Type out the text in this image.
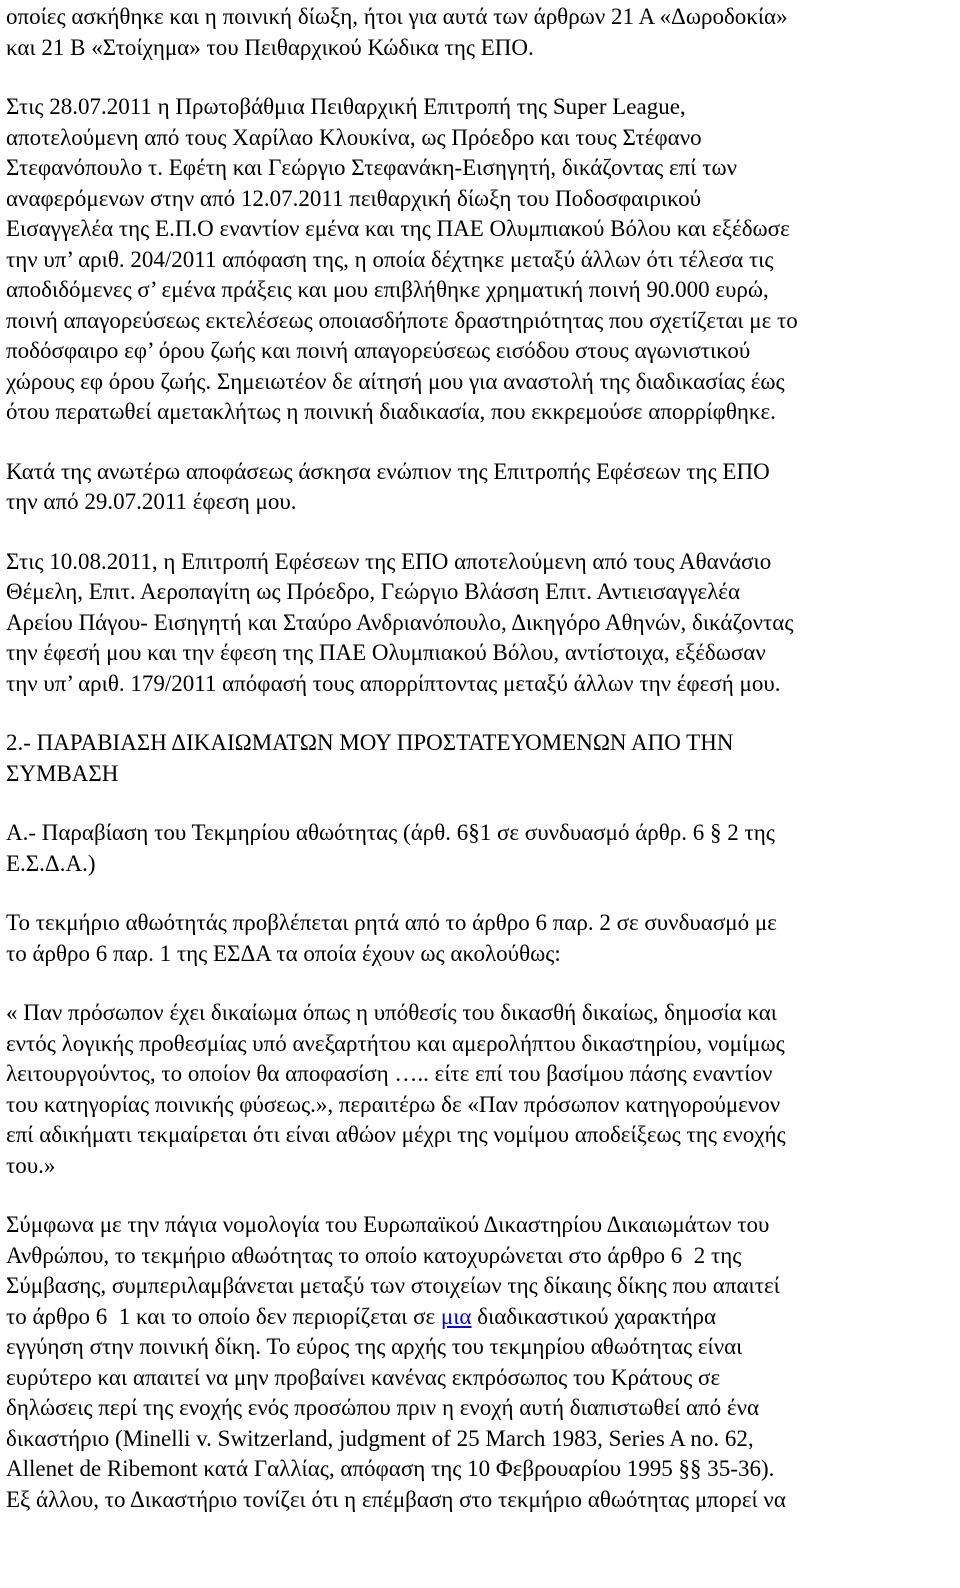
οποίες ασκήθηκε και η ποινική δίωξη, ήτοι για αυτά των άρθρων 21 Α «Δωροδοκία»
και 21 Β «Στοίχημα» του Πειθαρχικού Κώδικα της ΕΠΟ.

Στις 28.07.2011 η Πρωτοβάθμια Πειθαρχική Επιτροπή της Super League,
αποτελούμενη από τους Χαρίλαο Κλουκίνα, ως Πρόεδρο και τους Στέφανο
Στεφανόπουλο τ. Εφέτη και Γεώργιο Στεφανάκη-Εισηγητή, δικάζοντας επί των
αναφερόμενων στην από 12.07.2011 πειθαρχική δίωξη του Ποδοσφαιρικού
Εισαγγελέα της Ε.Π.Ο εναντίον εμένα και της ΠΑΕ Ολυμπιακού Βόλου και εξέδωσε
την υπ’ αριθ. 204/2011 απόφαση της, η οποία δέχτηκε μεταξύ άλλων ότι τέλεσα τις
αποδιδόμενες σ’ εμένα πράξεις και μου επιβλήθηκε χρηματική ποινή 90.000 ευρώ,
ποινή απαγορεύσεως εκτελέσεως οποιασδήποτε δραστηριότητας που σχετίζεται με το
ποδόσφαιρο εφ’ όρου ζωής και ποινή απαγορεύσεως εισόδου στους αγωνιστικού
χώρους εφ όρου ζωής. Σημειωτέον δε αίτησή μου για αναστολή της διαδικασίας έως
ότου περατωθεί αμετακλήτως η ποινική διαδικασία, που εκκρεμούσε απορρίφθηκε.

Κατά της ανωτέρω αποφάσεως άσκησα ενώπιον της Επιτροπής Εφέσεων της ΕΠΟ
την από 29.07.2011 έφεση μου.

Στις 10.08.2011, η Επιτροπή Εφέσεων της ΕΠΟ αποτελούμενη από τους Αθανάσιο
Θέμελη, Επιτ. Αεροπαγίτη ως Πρόεδρο, Γεώργιο Βλάσση Επιτ. Αντιεισαγγελέα
Αρείου Πάγου- Εισηγητή και Σταύρο Ανδριανόπουλο, Δικηγόρο Αθηνών, δικάζοντας
την έφεσή μου και την έφεση της ΠΑΕ Ολυμπιακού Βόλου, αντίστοιχα, εξέδωσαν
την υπ’ αριθ. 179/2011 απόφασή τους απορρίπτοντας μεταξύ άλλων την έφεσή μου.

2.- ΠΑΡΑΒΙΑΣΗ ΔΙΚΑΙΩΜΑΤΩΝ ΜΟΥ ΠΡΟΣΤΑΤΕΥΟΜΕΝΩΝ ΑΠΟ ΤΗΝ
ΣΥΜΒΑΣΗ

Α.- Παραβίαση του Τεκμηρίου αθωότητας (άρθ. 6§1 σε συνδυασμό άρθρ. 6 § 2 της
Ε.Σ.Δ.Α.)

Το τεκμήριο αθωότητάς προβλέπεται ρητά από το άρθρο 6 παρ. 2 σε συνδυασμό με
το άρθρο 6 παρ. 1 της ΕΣΔΑ τα οποία έχουν ως ακολούθως:

« Παν πρόσωπον έχει δικαίωμα όπως η υπόθεσίς του δικασθή δικαίως, δημοσία και
εντός λογικής προθεσμίας υπό ανεξαρτήτου και αμερολήπτου δικαστηρίου, νομίμως
λειτουργούντος, το οποίον θα αποφασίση ….. είτε επί του βασίμου πάσης εναντίον
του κατηγορίας ποινικής φύσεως.», περαιτέρω δε «Παν πρόσωπον κατηγορούμενον
επί αδικήματι τεκμαίρεται ότι είναι αθώον μέχρι της νομίμου αποδείξεως της ενοχής
του.»

Σύμφωνα με την πάγια νομολογία του Ευρωπαϊκού Δικαστηρίου Δικαιωμάτων του
Ανθρώπου, το τεκμήριο αθωότητας το οποίο κατοχυρώνεται στο άρθρο 6  2 της
Σύμβασης, συμπεριλαμβάνεται μεταξύ των στοιχείων της δίκαιης δίκης που απαιτεί
το άρθρο 6  1 και το οποίο δεν περιορίζεται σε μια διαδικαστικού χαρακτήρα
εγγύηση στην ποινική δίκη. Το εύρος της αρχής του τεκμηρίου αθωότητας είναι
ευρύτερο και απαιτεί να μην προβαίνει κανένας εκπρόσωπος του Κράτους σε
δηλώσεις περί της ενοχής ενός προσώπου πριν η ενοχή αυτή διαπιστωθεί από ένα
δικαστήριο (Minelli v. Switzerland, judgment of 25 March 1983, Series A no. 62,
Allenet de Ribemont κατά Γαλλίας, απόφαση της 10 Φεβρουαρίου 1995 §§ 35-36).
Εξ άλλου, το Δικαστήριο τονίζει ότι η επέμβαση στο τεκμήριο αθωότητας μπορεί να
